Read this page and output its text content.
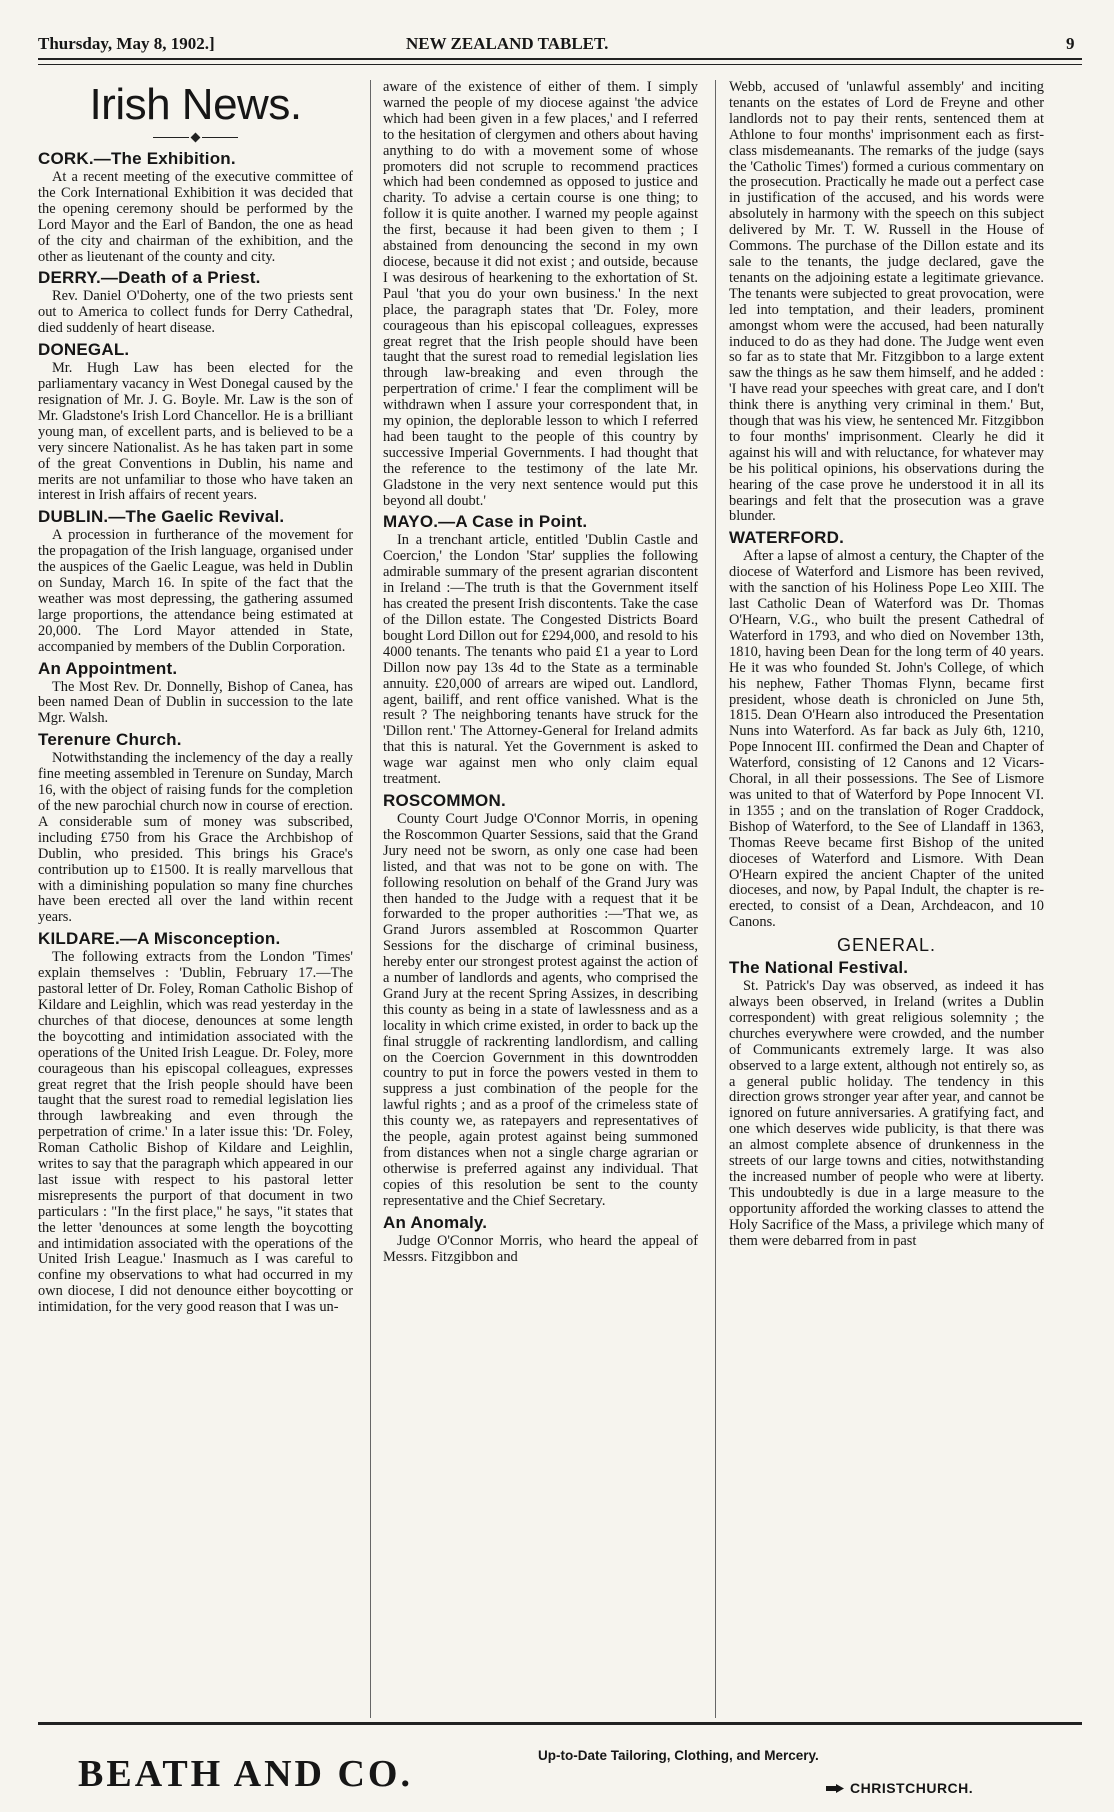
Thursday, May 8, 1902.]	NEW ZEALAND TABLET.	9
Irish News.
CORK.—The Exhibition.

At a recent meeting of the executive committee of the Cork International Exhibition it was decided that the opening ceremony should be performed by the Lord Mayor and the Earl of Bandon, the one as head of the city and chairman of the exhibition, and the other as lieutenant of the county and city.

DERRY.—Death of a Priest.

Rev. Daniel O'Doherty, one of the two priests sent out to America to collect funds for Derry Cathedral, died suddenly of heart disease.

DONEGAL.

Mr. Hugh Law has been elected for the parliamentary vacancy in West Donegal caused by the resignation of Mr. J. G. Boyle. Mr. Law is the son of Mr. Gladstone's Irish Lord Chancellor. He is a brilliant young man, of excellent parts, and is believed to be a very sincere Nationalist. As he has taken part in some of the great Conventions in Dublin, his name and merits are not unfamiliar to those who have taken an interest in Irish affairs of recent years.

DUBLIN.—The Gaelic Revival.

A procession in furtherance of the movement for the propagation of the Irish language, organised under the auspices of the Gaelic League, was held in Dublin on Sunday, March 16. In spite of the fact that the weather was most depressing, the gathering assumed large proportions, the attendance being estimated at 20,000. The Lord Mayor attended in State, accompanied by members of the Dublin Corporation.

An Appointment.

The Most Rev. Dr. Donnelly, Bishop of Canea, has been named Dean of Dublin in succession to the late Mgr. Walsh.

Terenure Church.

Notwithstanding the inclemency of the day a really fine meeting assembled in Terenure on Sunday, March 16, with the object of raising funds for the completion of the new parochial church now in course of erection. A considerable sum of money was subscribed, including £750 from his Grace the Archbishop of Dublin, who presided. This brings his Grace's contribution up to £1500. It is really marvellous that with a diminishing population so many fine churches have been erected all over the land within recent years.

KILDARE.—A Misconception.

The following extracts from the London 'Times' explain themselves : 'Dublin, February 17.—The pastoral letter of Dr. Foley, Roman Catholic Bishop of Kildare and Leighlin, which was read yesterday in the churches of that diocese, denounces at some length the boycotting and intimidation associated with the operations of the United Irish League. Dr. Foley, more courageous than his episcopal colleagues, expresses great regret that the Irish people should have been taught that the surest road to remedial legislation lies through lawbreaking and even through the perpetration of crime.' In a later issue this: 'Dr. Foley, Roman Catholic Bishop of Kildare and Leighlin, writes to say that the paragraph which appeared in our last issue with respect to his pastoral letter misrepresents the purport of that document in two particulars : "In the first place," he says, "it states that the letter 'denounces at some length the boycotting and intimidation associated with the operations of the United Irish League.' Inasmuch as I was careful to confine my observations to what had occurred in my own diocese, I did not denounce either boycotting or intimidation, for the very good reason that I was un-

aware of the existence of either of them. I simply warned the people of my diocese against 'the advice which had been given in a few places,' and I referred to the hesitation of clergymen and others about having anything to do with a movement some of whose promoters did not scruple to recommend practices which had been condemned as opposed to justice and charity. To advise a certain course is one thing; to follow it is quite another. I warned my people against the first, because it had been given to them ; I abstained from denouncing the second in my own diocese, because it did not exist ; and outside, because I was desirous of hearkening to the exhortation of St. Paul 'that you do your own business.' In the next place, the paragraph states that 'Dr. Foley, more courageous than his episcopal colleagues, expresses great regret that the Irish people should have been taught that the surest road to remedial legislation lies through law-breaking and even through the perpertration of crime.' I fear the compliment will be withdrawn when I assure your correspondent that, in my opinion, the deplorable lesson to which I referred had been taught to the people of this country by successive Imperial Governments. I had thought that the reference to the testimony of the late Mr. Gladstone in the very next sentence would put this beyond all doubt.'

MAYO.—A Case in Point.

In a trenchant article, entitled 'Dublin Castle and Coercion,' the London 'Star' supplies the following admirable summary of the present agrarian discontent in Ireland :—The truth is that the Government itself has created the present Irish discontents. Take the case of the Dillon estate. The Congested Districts Board bought Lord Dillon out for £294,000, and resold to his 4000 tenants. The tenants who paid £1 a year to Lord Dillon now pay 13s 4d to the State as a terminable annuity. £20,000 of arrears are wiped out. Landlord, agent, bailiff, and rent office vanished. What is the result ? The neighboring tenants have struck for the 'Dillon rent.' The Attorney-General for Ireland admits that this is natural. Yet the Government is asked to wage war against men who only claim equal treatment.

ROSCOMMON.

County Court Judge O'Connor Morris, in opening the Roscommon Quarter Sessions, said that the Grand Jury need not be sworn, as only one case had been listed, and that was not to be gone on with. The following resolution on behalf of the Grand Jury was then handed to the Judge with a request that it be forwarded to the proper authorities :—'That we, as Grand Jurors assembled at Roscommon Quarter Sessions for the discharge of criminal business, hereby enter our strongest protest against the action of a number of landlords and agents, who comprised the Grand Jury at the recent Spring Assizes, in describing this county as being in a state of lawlessness and as a locality in which crime existed, in order to back up the final struggle of rackrenting landlordism, and calling on the Coercion Government in this downtrodden country to put in force the powers vested in them to suppress a just combination of the people for the lawful rights ; and as a proof of the crimeless state of this county we, as ratepayers and representatives of the people, again protest against being summoned from distances when not a single charge agrarian or otherwise is preferred against any individual. That copies of this resolution be sent to the county representative and the Chief Secretary.

An Anomaly.

Judge O'Connor Morris, who heard the appeal of Messrs. Fitzgibbon and

Webb, accused of 'unlawful assembly' and inciting tenants on the estates of Lord de Freyne and other landlords not to pay their rents, sentenced them at Athlone to four months' imprisonment each as first-class misdemeanants. The remarks of the judge (says the 'Catholic Times') formed a curious commentary on the prosecution. Practically he made out a perfect case in justification of the accused, and his words were absolutely in harmony with the speech on this subject delivered by Mr. T. W. Russell in the House of Commons. The purchase of the Dillon estate and its sale to the tenants, the judge declared, gave the tenants on the adjoining estate a legitimate grievance. The tenants were subjected to great provocation, were led into temptation, and their leaders, prominent amongst whom were the accused, had been naturally induced to do as they had done. The Judge went even so far as to state that Mr. Fitzgibbon to a large extent saw the things as he saw them himself, and he added : 'I have read your speeches with great care, and I don't think there is anything very criminal in them.' But, though that was his view, he sentenced Mr. Fitzgibbon to four months' imprisonment. Clearly he did it against his will and with reluctance, for whatever may be his political opinions, his observations during the hearing of the case prove he understood it in all its bearings and felt that the prosecution was a grave blunder.

WATERFORD.

After a lapse of almost a century, the Chapter of the diocese of Waterford and Lismore has been revived, with the sanction of his Holiness Pope Leo XIII. The last Catholic Dean of Waterford was Dr. Thomas O'Hearn, V.G., who built the present Cathedral of Waterford in 1793, and who died on November 13th, 1810, having been Dean for the long term of 40 years. He it was who founded St. John's College, of which his nephew, Father Thomas Flynn, became first president, whose death is chronicled on June 5th, 1815. Dean O'Hearn also introduced the Presentation Nuns into Waterford. As far back as July 6th, 1210, Pope Innocent III. confirmed the Dean and Chapter of Waterford, consisting of 12 Canons and 12 Vicars-Choral, in all their possessions. The See of Lismore was united to that of Waterford by Pope Innocent VI. in 1355 ; and on the translation of Roger Craddock, Bishop of Waterford, to the See of Llandaff in 1363, Thomas Reeve became first Bishop of the united dioceses of Waterford and Lismore. With Dean O'Hearn expired the ancient Chapter of the united dioceses, and now, by Papal Indult, the chapter is re-erected, to consist of a Dean, Archdeacon, and 10 Canons.

GENERAL.
The National Festival.

St. Patrick's Day was observed, as indeed it has always been observed, in Ireland (writes a Dublin correspondent) with great religious solemnity ; the churches everywhere were crowded, and the number of Communicants extremely large. It was also observed to a large extent, although not entirely so, as a general public holiday. The tendency in this direction grows stronger year after year, and cannot be ignored on future anniversaries. A gratifying fact, and one which deserves wide publicity, is that there was an almost complete absence of drunkenness in the streets of our large towns and cities, notwithstanding the increased number of people who were at liberty. This undoubtedly is due in a large measure to the opportunity afforded the working classes to attend the Holy Sacrifice of the Mass, a privilege which many of them were debarred from in past

BEATH AND CO.	Up-to-Date Tailoring, Clothing, and Mercery.
CHRISTCHURCH.
